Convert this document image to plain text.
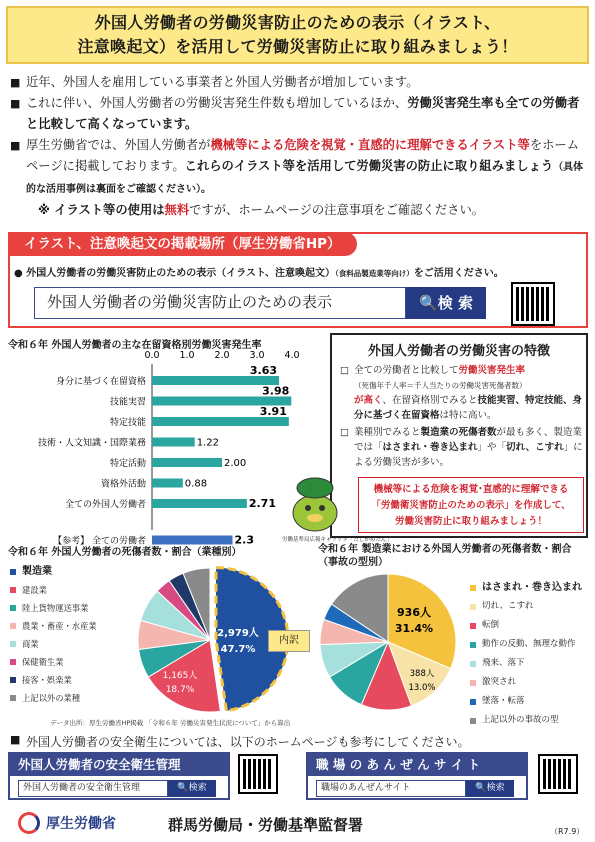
外国人労働者の労働災害防止のための表示（イラスト、
注意喚起文）を活用して労働災害防止に取り組みましょう！
■ 近年、外国人を雇用している事業者と外国人労働者が増加しています。
■ これに伴い、外国人労働者の労働災害発生件数も増加しているほか、労働災害発生率も全ての労働者と比較して高くなっています。
■ 厚生労働省では、外国人労働者が機械等による危険を視覚・直感的に理解できるイラスト等をホームページに掲載しております。これらのイラスト等を活用して労働災害の防止に取り組みましょう（具体的な活用事例は裏面をご確認ください）。
※ イラスト等の使用は無料ですが、ホームページの注意事項をご確認ください。
イラスト、注意喚起文の掲載場所（厚生労働省HP）
● 外国人労働者の労働災害防止のための表示（イラスト、注意喚起文）（食料品製造業等向け）をご活用ください。
外国人労働者の労働災害防止のための表示	🔍検 索
令和６年 外国人労働者の主な在留資格別労働災害発生率
0.0 1.0 2.0 3.0 4.0
身分に基づく在留資格
3.63
技能実習
3.98
特定技能
3.91
技術・人文知識・国際業務	1.22
特定活動	2.00
資格外活動	0.88
全ての外国人労働者	2.71
【参考】 全ての労働者	2.3
外国人労働者の労働災害の特徴
□ 全ての労働者と比較して労働災害発生率
（死傷年千人率＝千人当たりの労働災害死傷者数）
が高く、在留資格別でみると技能実習、特定技能、身分に基づく在留資格は特に高い。
□ 業種別でみると製造業の死傷者数が最も多く、製造業では「はさまれ・巻き込まれ」や「切れ、こすれ」による労働災害が多い。
機械等による危険を視覚･直感的に理解できる
「労働衛災害防止のための表示」を作成して、
労働災害防止に取り組みましょう！
労働基準局広報キャラクタ「たしかめたん」
令和６年 外国人労働者の死傷者数・割合（業種別）
製造業
建設業
陸上貨物運送事業
農業・畜産・水産業
商業
保健衛生業
接客・娯楽業
上記以外の業種
2,979人
47.7%
1,165人
18.7%
内訳
令和６年 製造業における外国人労働者の死傷者数・割合（事故の型別）
936人
31.4%
388人
13.0%
はさまれ・巻き込まれ
切れ、こすれ
転倒
動作の反動、無理な動作
飛来、落下
激突され
墜落・転落
上記以外の事故の型
データ出所：厚生労働省HP掲載 「令和６年 労働災害発生状況について」から算出
■ 外国人労働者の安全衛生については、以下のホームページも参考にしてください。
外国人労働者の安全衛生管理
外国人労働者の安全衛生管理	🔍検索
職 場 の あ ん ぜ ん サ イ ト
職場のあんぜんサイト	🔍検索
厚生労働省	群馬労働局・労働基準監督署	（R7.9）
